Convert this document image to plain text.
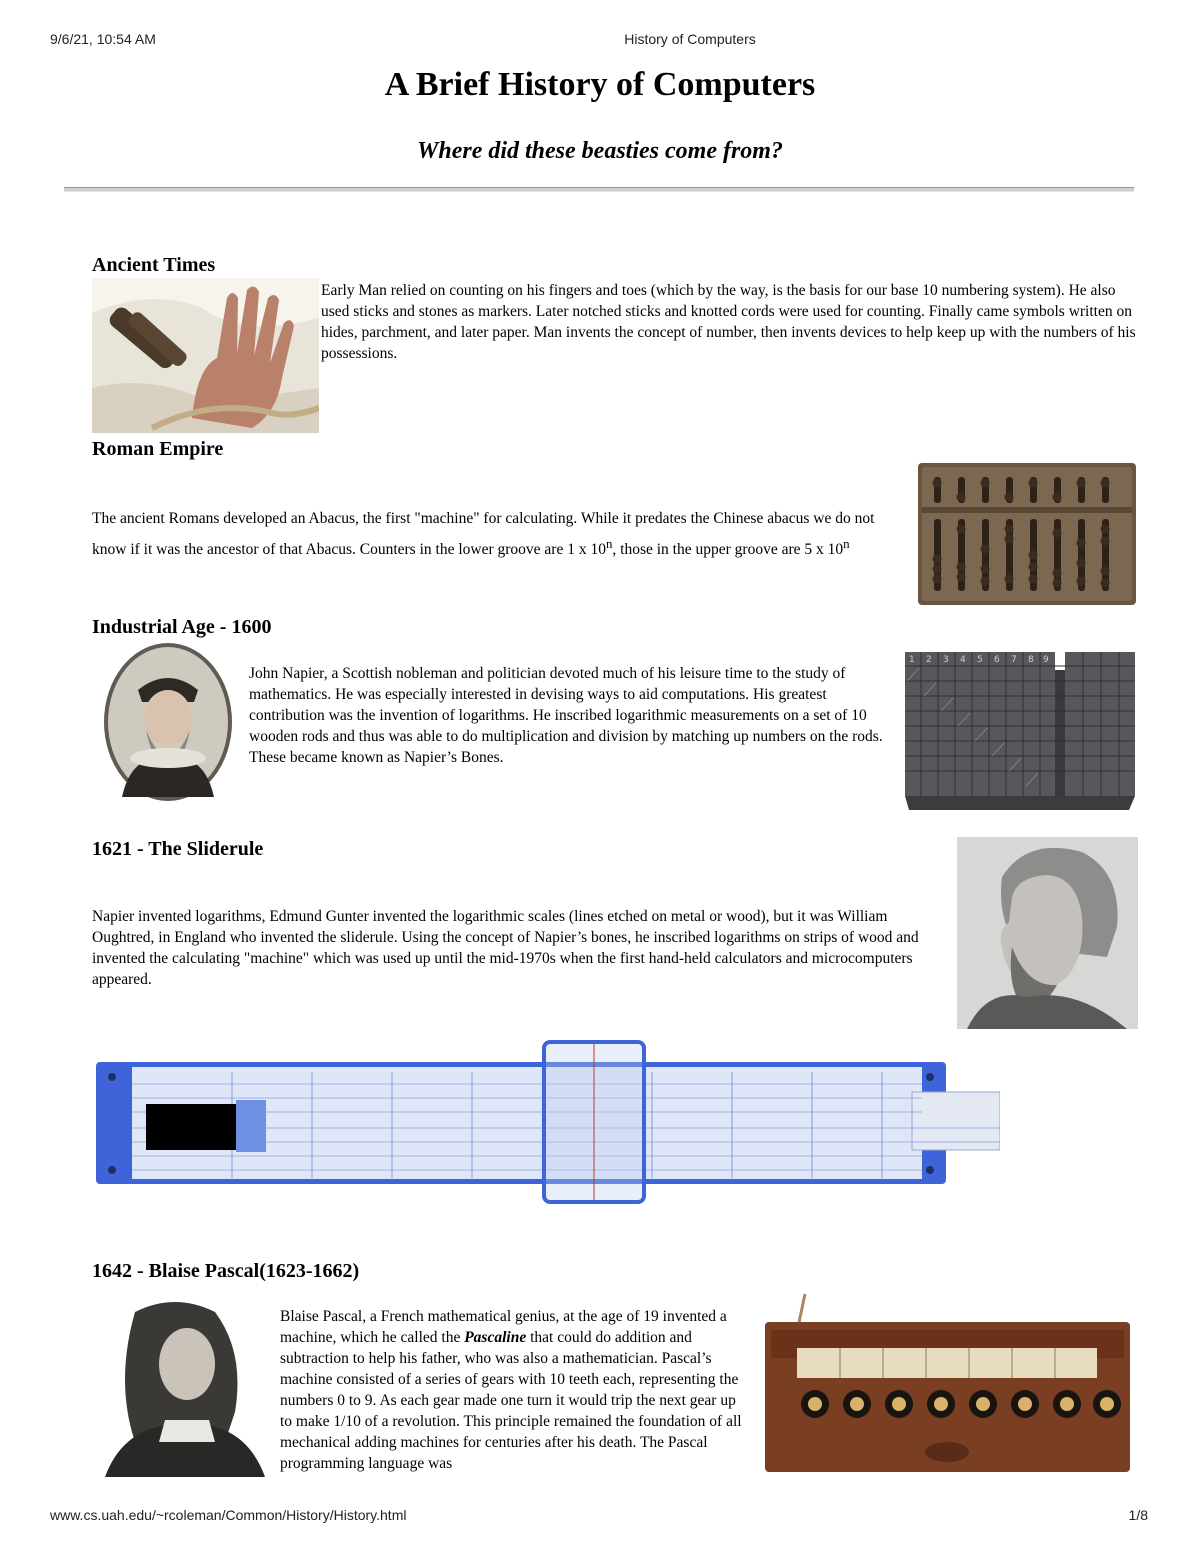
9/6/21, 10:54 AM	History of Computers
A Brief History of Computers

Where did these beasties come from?

Ancient Times

Early Man relied on counting on his fingers and toes (which by the way, is the basis for our base 10 numbering system). He also used sticks and stones as markers. Later notched sticks and knotted cords were used for counting. Finally came symbols written on hides, parchment, and later paper. Man invents the concept of number, then invents devices to help keep up with the numbers of his possessions.

Roman Empire

The ancient Romans developed an Abacus, the first "machine" for calculating. While it predates the Chinese abacus we do not know if it was the ancestor of that Abacus. Counters in the lower groove are 1 x 10$^n$, those in the upper groove are 5 x 10$^n$

Industrial Age - 1600

John Napier, a Scottish nobleman and politician devoted much of his leisure time to the study of mathematics. He was especially interested in devising ways to aid computations. His greatest contribution was the invention of logarithms. He inscribed logarithmic measurements on a set of 10 wooden rods and thus was able to do multiplication and division by matching up numbers on the rods. These became known as Napier’s Bones.

1 2 3 4 5 6 7 8 9
1621 - The Sliderule

Napier invented logarithms, Edmund Gunter invented the logarithmic scales (lines etched on metal or wood), but it was William Oughtred, in England who invented the sliderule. Using the concept of Napier’s bones, he inscribed logarithms on strips of wood and invented the calculating "machine" which was used up until the mid-1970s when the first hand-held calculators and microcomputers appeared.

1642 - Blaise Pascal(1623-1662)

Blaise Pascal, a French mathematical genius, at the age of 19 invented a machine, which he called the Pascaline that could do addition and subtraction to help his father, who was also a mathematician. Pascal’s machine consisted of a series of gears with 10 teeth each, representing the numbers 0 to 9. As each gear made one turn it would trip the next gear up to make 1/10 of a revolution. This principle remained the foundation of all mechanical adding machines for centuries after his death. The Pascal programming language was

www.cs.uah.edu/~rcoleman/Common/History/History.html	1/8
